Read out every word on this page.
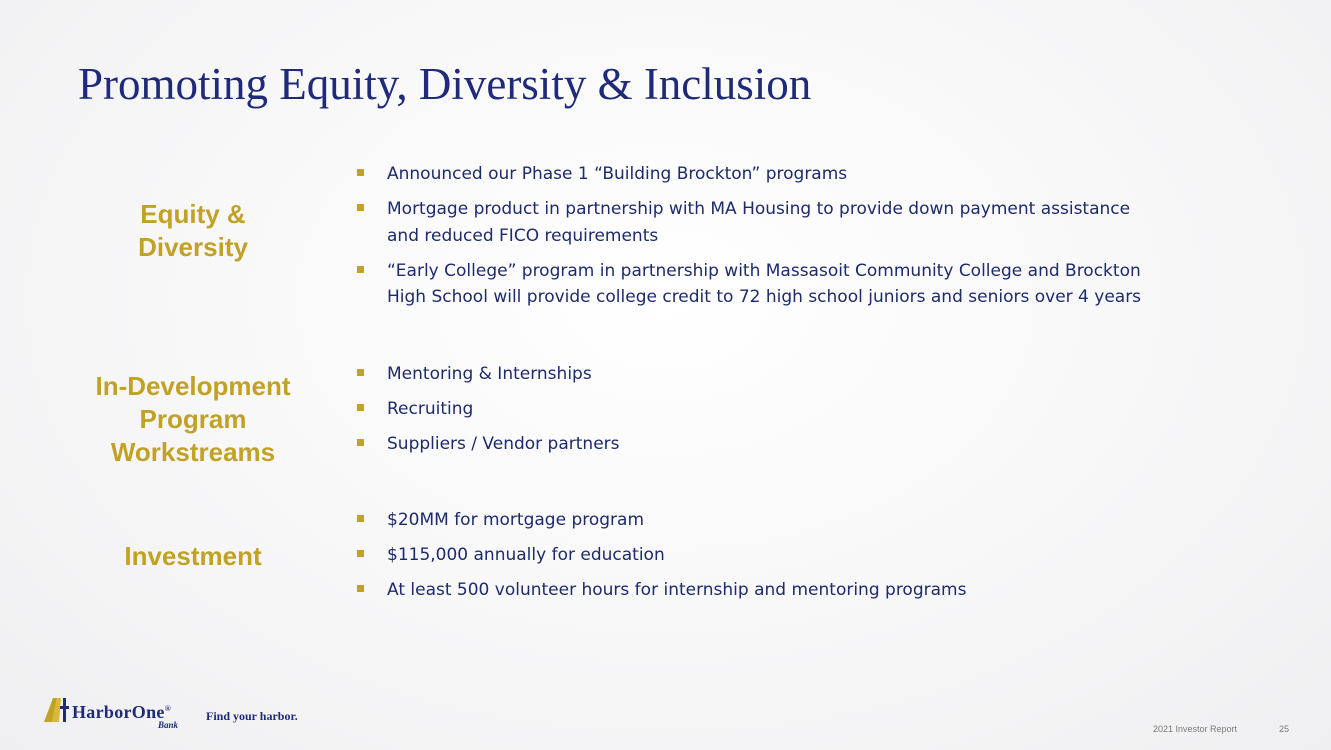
Promoting Equity, Diversity & Inclusion
Equity &
Diversity
Announced our Phase 1 “Building Brockton” programs
Mortgage product in partnership with MA Housing to provide down payment assistance
and reduced FICO requirements
“Early College” program in partnership with Massasoit Community College and Brockton
High School will provide college credit to 72 high school juniors and seniors over 4 years
In-Development
Program
Workstreams
Mentoring & Internships
Recruiting
Suppliers / Vendor partners
Investment
$20MM for mortgage program
$115,000 annually for education
At least 500 volunteer hours for internship and mentoring programs
HarborOne®
Bank
Find your harbor.
2021 Investor Report	25
